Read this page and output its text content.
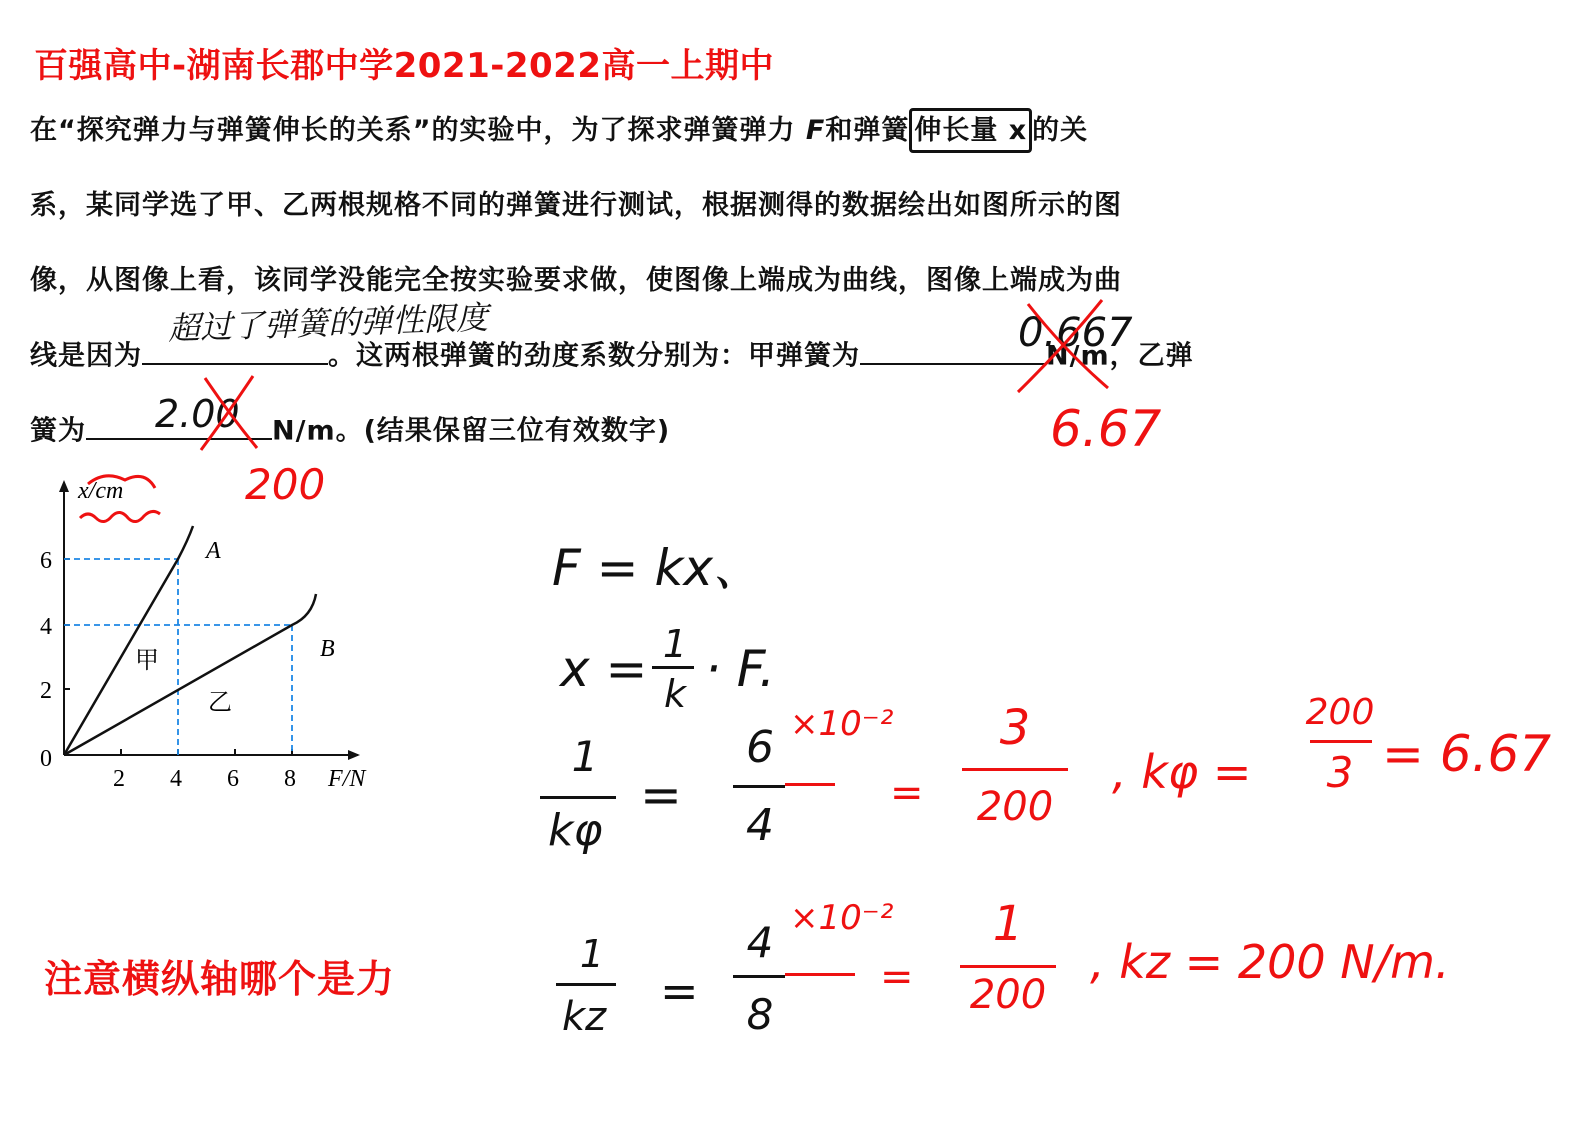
百强高中-湖南长郡中学2021-2022高一上期中
在“探究弹力与弹簧伸长的关系”的实验中，为了探求弹簧弹力 F和弹簧 伸长量 x 的关
系，某同学选了甲、乙两根规格不同的弹簧进行测试，根据测得的数据绘出如图所示的图
像，从图像上看，该同学没能完全按实验要求做，使图像上端成为曲线，图像上端成为曲
线是因为	。这两根弹簧的劲度系数分别为：甲弹簧为	N/m，乙弹
簧为	N/m。(结果保留三位有效数字)
超过了弹簧的弹性限度	0.667
6.67
2.00
200
x/cm
F/N
2 4 6 8
0
2
4
6	A
B
甲
乙
F = kx、
x = 1
k · F.
1
kφ
=
6
4
1
kz =
4
8
×10⁻²
=
3
200
, kφ =
200
3 = 6.67
×10⁻²
=
1
200
, kz = 200 N/m.
注意横纵轴哪个是力
